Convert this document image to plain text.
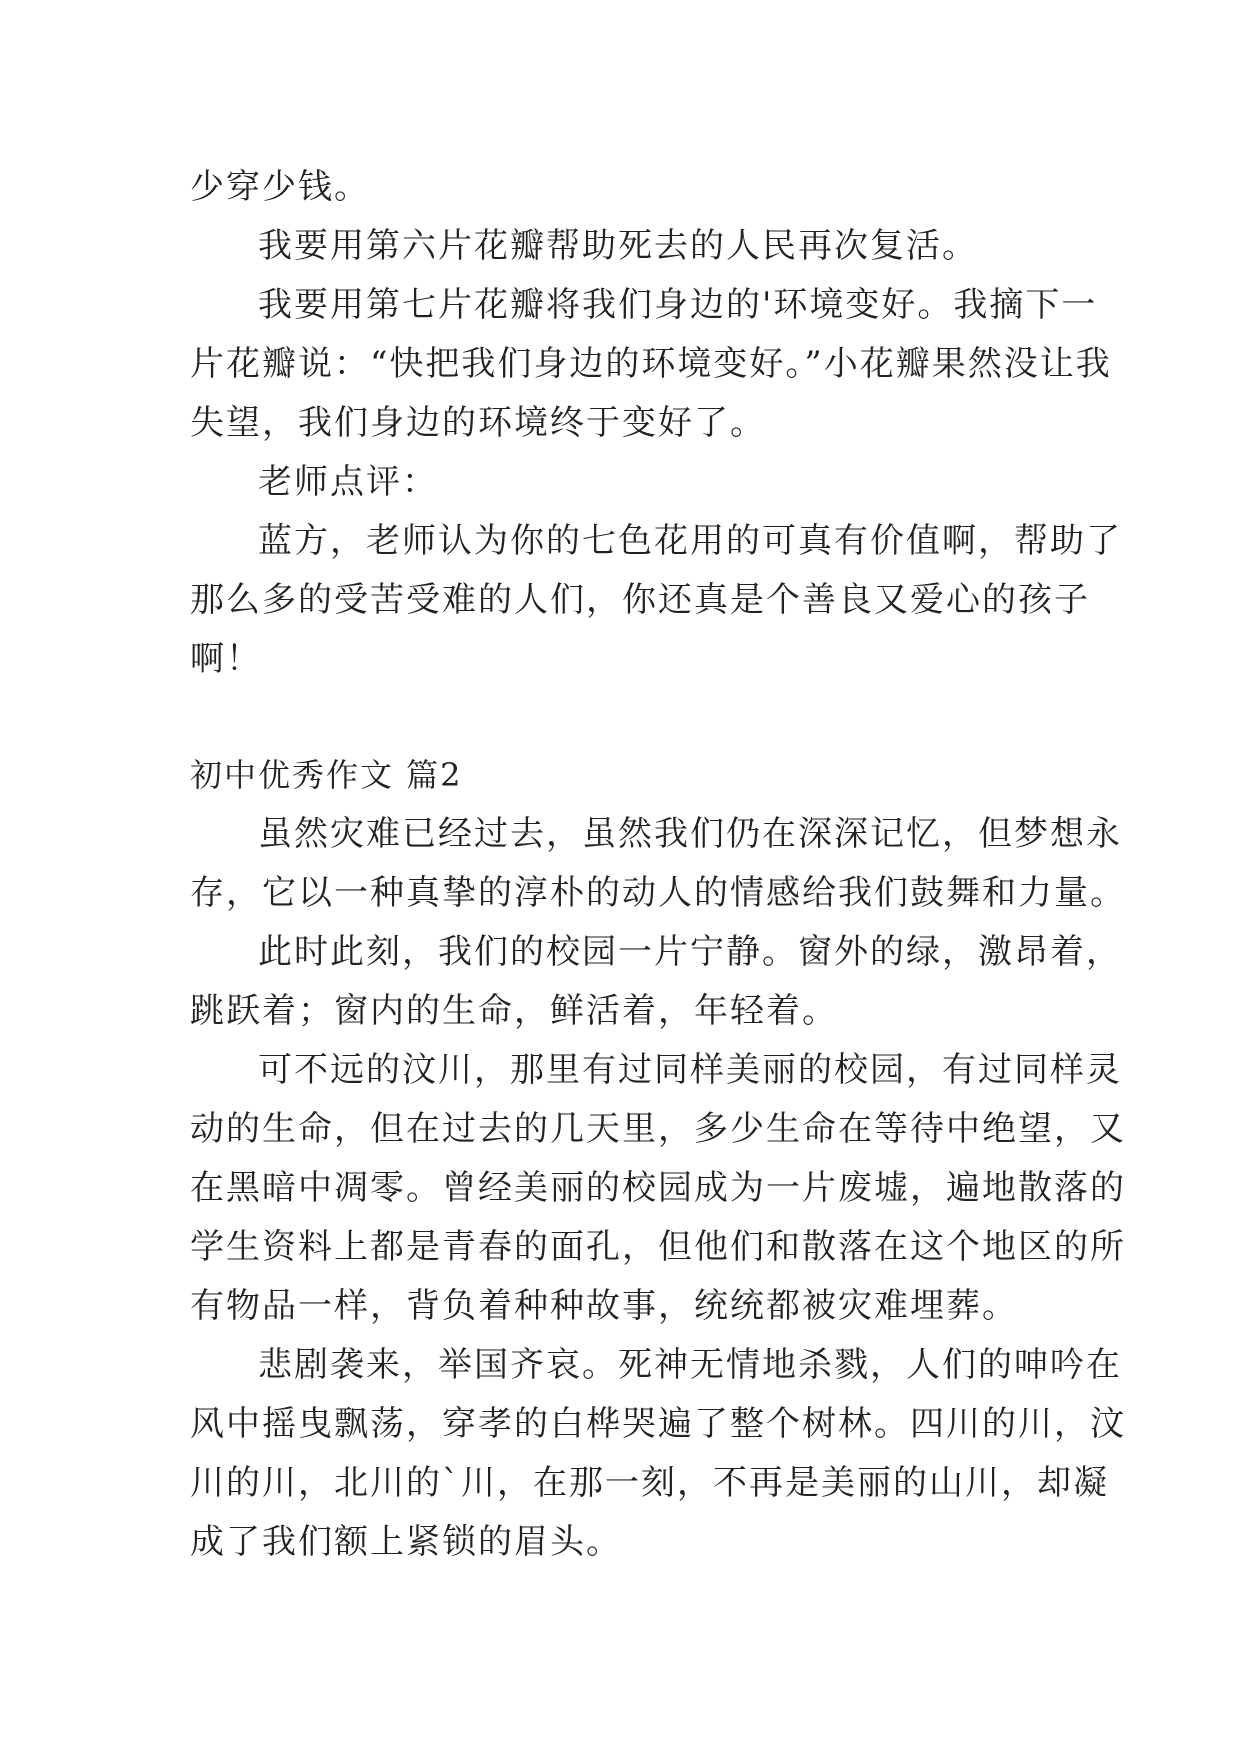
少穿少钱。
我要用第六片花瓣帮助死去的人民再次复活。
我要用第七片花瓣将我们身边的'环境变好。我摘下一
片花瓣说：“快把我们身边的环境变好。”小花瓣果然没让我
失望，我们身边的环境终于变好了。
老师点评：
蓝方，老师认为你的七色花用的可真有价值啊，帮助了
那么多的受苦受难的人们，你还真是个善良又爱心的孩子
啊！
初中优秀作文 篇2
虽然灾难已经过去，虽然我们仍在深深记忆，但梦想永
存，它以一种真挚的淳朴的动人的情感给我们鼓舞和力量。
此时此刻，我们的校园一片宁静。窗外的绿，激昂着，
跳跃着；窗内的生命，鲜活着，年轻着。
可不远的汶川，那里有过同样美丽的校园，有过同样灵
动的生命，但在过去的几天里，多少生命在等待中绝望，又
在黑暗中凋零。曾经美丽的校园成为一片废墟，遍地散落的
学生资料上都是青春的面孔，但他们和散落在这个地区的所
有物品一样，背负着种种故事，统统都被灾难埋葬。
悲剧袭来，举国齐哀。死神无情地杀戮，人们的呻吟在
风中摇曳飘荡，穿孝的白桦哭遍了整个树林。四川的川，汶
川的川，北川的`川，在那一刻，不再是美丽的山川，却凝
成了我们额上紧锁的眉头。
